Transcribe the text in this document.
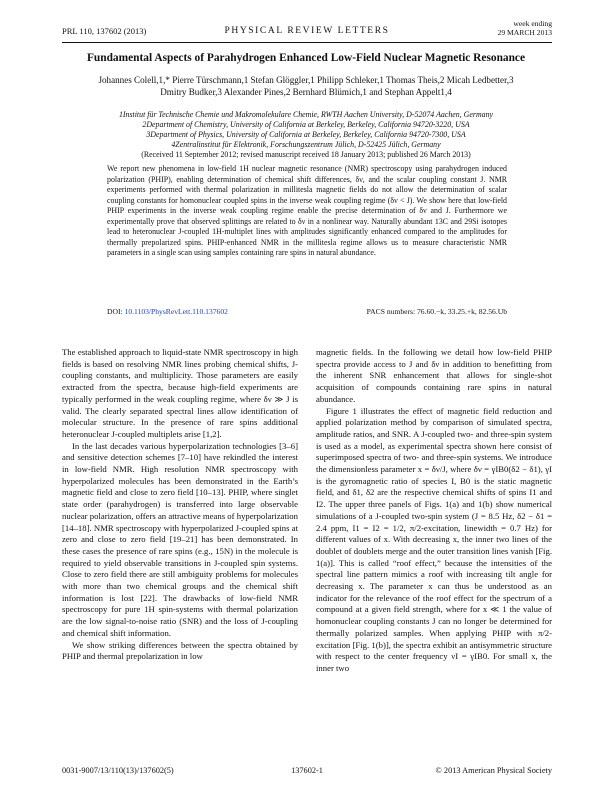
PRL 110, 137602 (2013)	PHYSICAL REVIEW LETTERS
week ending
29 MARCH 2013
Fundamental Aspects of Parahydrogen Enhanced Low-Field Nuclear Magnetic Resonance
Johannes Colell,1,* Pierre Türschmann,1 Stefan Glöggler,1 Philipp Schleker,1 Thomas Theis,2 Micah Ledbetter,3
Dmitry Budker,3 Alexander Pines,2 Bernhard Blümich,1 and Stephan Appelt1,4
1Institut für Technische Chemie und Makromolekulare Chemie, RWTH Aachen University, D-52074 Aachen, Germany
2Department of Chemistry, University of California at Berkeley, Berkeley, California 94720-3220, USA
3Department of Physics, University of California at Berkeley, Berkeley, California 94720-7300, USA
4Zentralinstitut für Elektronik, Forschungszentrum Jülich, D-52425 Jülich, Germany
(Received 11 September 2012; revised manuscript received 18 January 2013; published 26 March 2013)

We report new phenomena in low-field 1H nuclear magnetic resonance (NMR) spectroscopy using parahydrogen induced polarization (PHIP), enabling determination of chemical shift differences, δν, and the scalar coupling constant J. NMR experiments performed with thermal polarization in millitesla magnetic fields do not allow the determination of scalar coupling constants for homonuclear coupled spins in the inverse weak coupling regime (δν < J). We show here that low-field PHIP experiments in the inverse weak coupling regime enable the precise determination of δν and J. Furthermore we experimentally prove that observed splittings are related to δν in a nonlinear way. Naturally abundant 13C and 29Si isotopes lead to heteronuclear J-coupled 1H-multiplet lines with amplitudes significantly enhanced compared to the amplitudes for thermally prepolarized spins. PHIP-enhanced NMR in the millitesla regime allows us to measure characteristic NMR parameters in a single scan using samples containing rare spins in natural abundance.

DOI: 10.1103/PhysRevLett.110.137602	PACS numbers: 76.60.−k, 33.25.+k, 82.56.Ub

The established approach to liquid-state NMR spectroscopy in high fields is based on resolving NMR lines probing chemical shifts, J-coupling constants, and multiplicity. Those parameters are easily extracted from the spectra, because high-field experiments are typically performed in the weak coupling regime, where δν ≫ J is valid. The clearly separated spectral lines allow identification of molecular structure. In the presence of rare spins additional heteronuclear J-coupled multiplets arise [1,2].

In the last decades various hyperpolarization technologies [3–6] and sensitive detection schemes [7–10] have rekindled the interest in low-field NMR. High resolution NMR spectroscopy with hyperpolarized molecules has been demonstrated in the Earth’s magnetic field and close to zero field [10–13]. PHIP, where singlet state order (parahydrogen) is transferred into large observable nuclear polarization, offers an attractive means of hyperpolarization [14–18]. NMR spectroscopy with hyperpolarized J-coupled spins at zero and close to zero field [19–21] has been demonstrated. In these cases the presence of rare spins (e.g., 15N) in the molecule is required to yield observable transitions in J-coupled spin systems. Close to zero field there are still ambiguity problems for molecules with more than two chemical groups and the chemical shift information is lost [22]. The drawbacks of low-field NMR spectroscopy for pure 1H spin-systems with thermal polarization are the low signal-to-noise ratio (SNR) and the loss of J-coupling and chemical shift information.

We show striking differences between the spectra obtained by PHIP and thermal prepolarization in low

magnetic fields. In the following we detail how low-field PHIP spectra provide access to J and δν in addition to benefitting from the inherent SNR enhancement that allows for single-shot acquisition of compounds containing rare spins in natural abundance.

Figure 1 illustrates the effect of magnetic field reduction and applied polarization method by comparison of simulated spectra, amplitude ratios, and SNR. A J-coupled two- and three-spin system is used as a model, as experimental spectra shown here consist of superimposed spectra of two- and three-spin systems. We introduce the dimensionless parameter x = δν/J, where δν = γIB0(δ2 − δ1), γI is the gyromagnetic ratio of species I, B0 is the static magnetic field, and δ1, δ2 are the respective chemical shifts of spins I1 and I2. The upper three panels of Figs. 1(a) and 1(b) show numerical simulations of a J-coupled two-spin system (J = 8.5 Hz, δ2 − δ1 = 2.4 ppm, I1 = I2 = 1/2, π/2-excitation, linewidth = 0.7 Hz) for different values of x. With decreasing x, the inner two lines of the doublet of doublets merge and the outer transition lines vanish [Fig. 1(a)]. This is called “roof effect,” because the intensities of the spectral line pattern mimics a roof with increasing tilt angle for decreasing x. The parameter x can thus be understood as an indicator for the relevance of the roof effect for the spectrum of a compound at a given field strength, where for x ≪ 1 the value of homonuclear coupling constants J can no longer be determined for thermally polarized samples. When applying PHIP with π/2-excitation [Fig. 1(b)], the spectra exhibit an antisymmetric structure with respect to the center frequency νI = γIB0. For small x, the inner two

0031-9007/13/110(13)/137602(5)	137602-1	© 2013 American Physical Society
